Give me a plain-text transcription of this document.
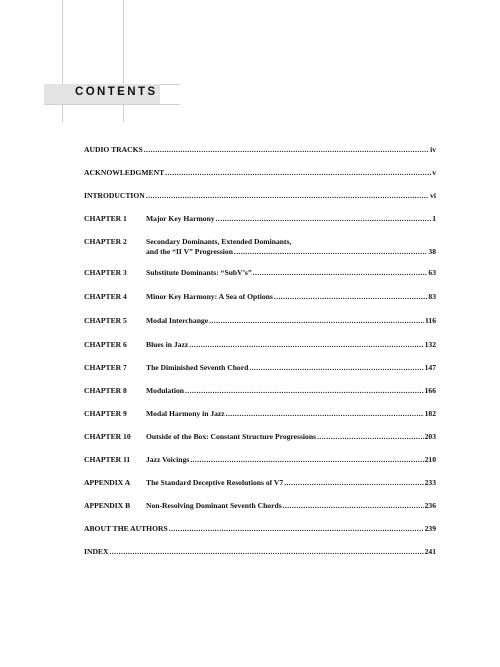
CONTENTS
AUDIO TRACKS .....	iv
ACKNOWLEDGMENT .....	v
INTRODUCTION .....	vi
CHAPTER 1	Major Key Harmony .....	1
CHAPTER 2	Secondary Dominants, Extended Dominants,
and the “II V” Progression .....	38
CHAPTER 3	Substitute Dominants: “SubV’s” .....	63
CHAPTER 4	Minor Key Harmony: A Sea of Options .....	83
CHAPTER 5	Modal Interchange .....	116
CHAPTER 6	Blues in Jazz .....	132
CHAPTER 7	The Diminished Seventh Chord .....	147
CHAPTER 8	Modulation .....	166
CHAPTER 9	Modal Harmony in Jazz .....	182
CHAPTER 10	Outside of the Box: Constant Structure Progressions .....	203
CHAPTER 11	Jazz Voicings .....	210
APPENDIX A	The Standard Deceptive Resolutions of V7 .....	233
APPENDIX B	Non-Resolving Dominant Seventh Chords .....	236
ABOUT THE AUTHORS .....	239
INDEX .....	241
